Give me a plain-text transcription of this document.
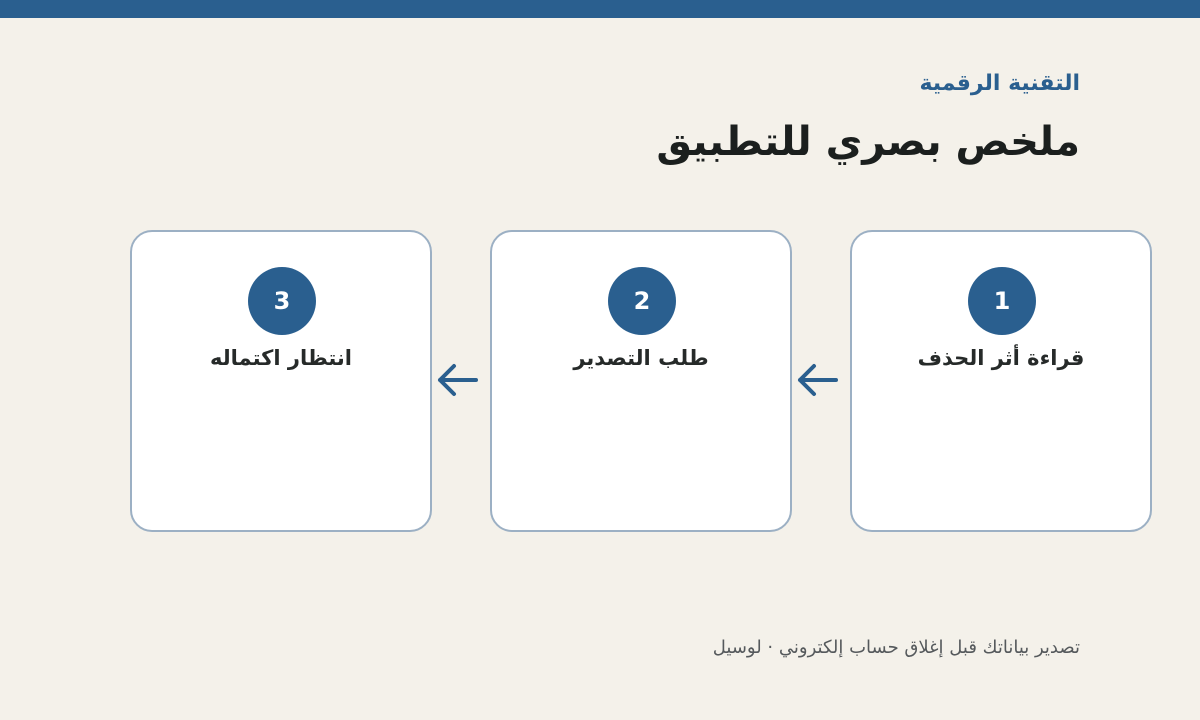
التقنية الرقمية
ملخص بصري للتطبيق
1
قراءة أثر الحذف
2
طلب التصدير
3
انتظار اكتماله
تصدير بياناتك قبل إغلاق حساب إلكتروني · لوسيل
